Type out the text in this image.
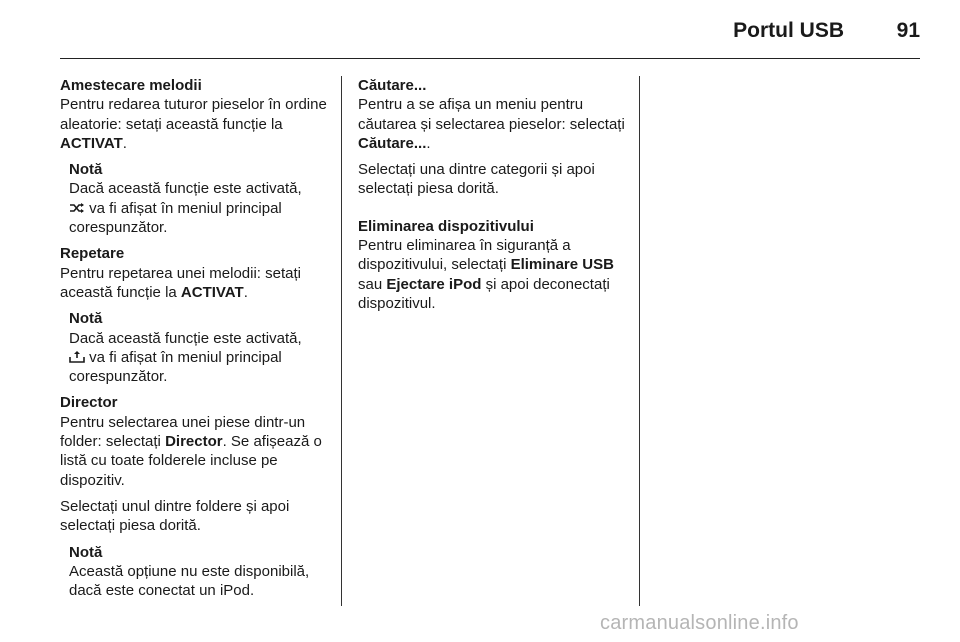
Portul USB	91

Amestecare melodii

Pentru redarea tuturor pieselor în ordine aleatorie: setați această funcție la ACTIVAT.

Notă

Dacă această funcție este activată,

va fi afișat în meniul principal corespunzător.

Repetare

Pentru repetarea unei melodii: setați această funcție la ACTIVAT.

Notă

Dacă această funcție este activată,

va fi afișat în meniul principal corespunzător.

Director

Pentru selectarea unei piese dintr-un folder: selectați Director. Se afișează o listă cu toate folderele incluse pe dispozitiv.

Selectați unul dintre foldere și apoi selectați piesa dorită.

Notă

Această opțiune nu este disponibilă, dacă este conectat un iPod.

Căutare...

Pentru a se afișa un meniu pentru căutarea și selectarea pieselor: selectați Căutare....

Selectați una dintre categorii și apoi selectați piesa dorită.

Eliminarea dispozitivului

Pentru eliminarea în siguranță a dispozitivului, selectați Eliminare USB sau Ejectare iPod și apoi deconectați dispozitivul.

carmanualsonline.info
